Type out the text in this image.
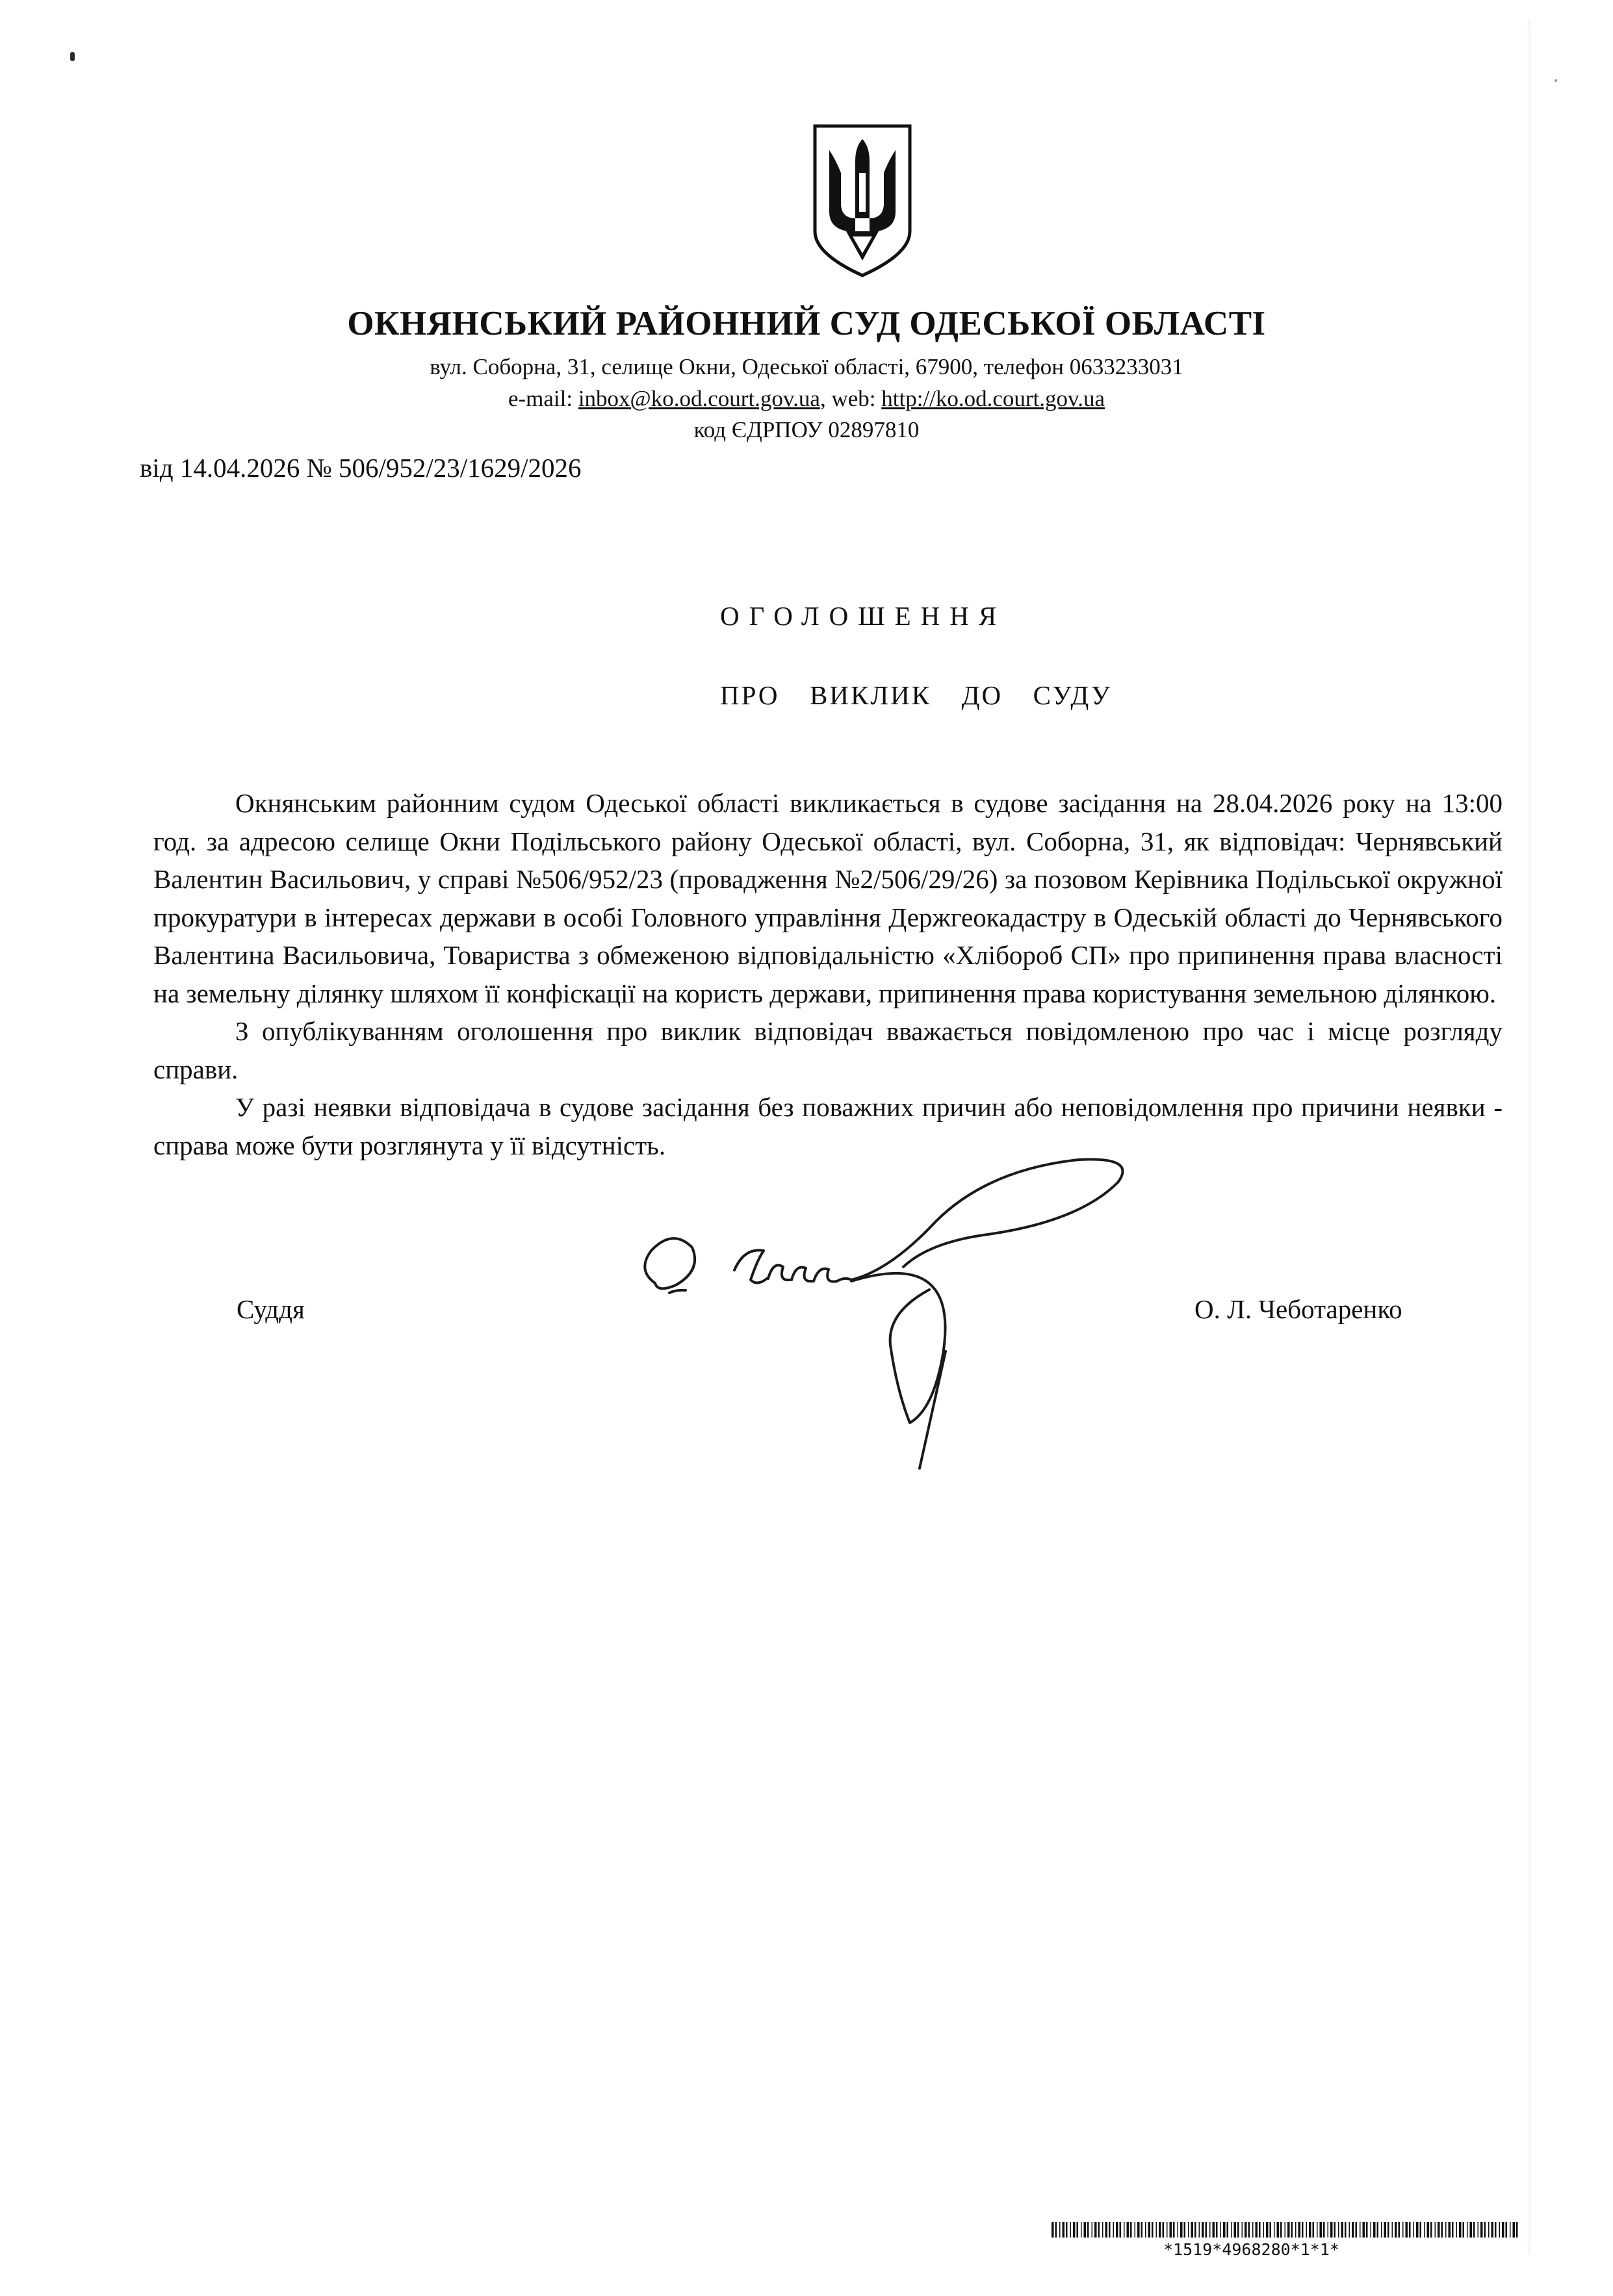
ОКНЯНСЬКИЙ РАЙОННИЙ СУД ОДЕСЬКОЇ ОБЛАСТІ
вул. Соборна, 31, селище Окни, Одеської області, 67900, телефон 0633233031
e-mail: inbox@ko.od.court.gov.ua, web: http://ko.od.court.gov.ua
код ЄДРПОУ 02897810
від 14.04.2026 № 506/952/23/1629/2026
ОГОЛОШЕННЯ
ПРО  ВИКЛИК  ДО  СУДУ

Окнянським районним судом Одеської області викликається в судове засідання на 28.04.2026 року на 13:00 год. за адресою селище Окни Подільського району Одеської області, вул. Соборна, 31, як відповідач: Чернявський Валентин Васильович, у справі №506/952/23 (провадження №2/506/29/26) за позовом Керівника Подільської окружної прокуратури в інтересах держави в особі Головного управління Держгеокадастру в Одеській області до Чернявського Валентина Васильовича, Товариства з обмеженою відповідальністю «Хлібороб СП» про припинення права власності на земельну ділянку шляхом її конфіскації на користь держави, припинення права користування земельною ділянкою.

З опублікуванням оголошення про виклик відповідач вважається повідомленою про час і місце розгляду справи.

У разі неявки відповідача в судове засідання без поважних причин або неповідомлення про причини неявки - справа може бути розглянута у її відсутність.

Суддя	О. Л. Чеботаренко
*1519*4968280*1*1*
